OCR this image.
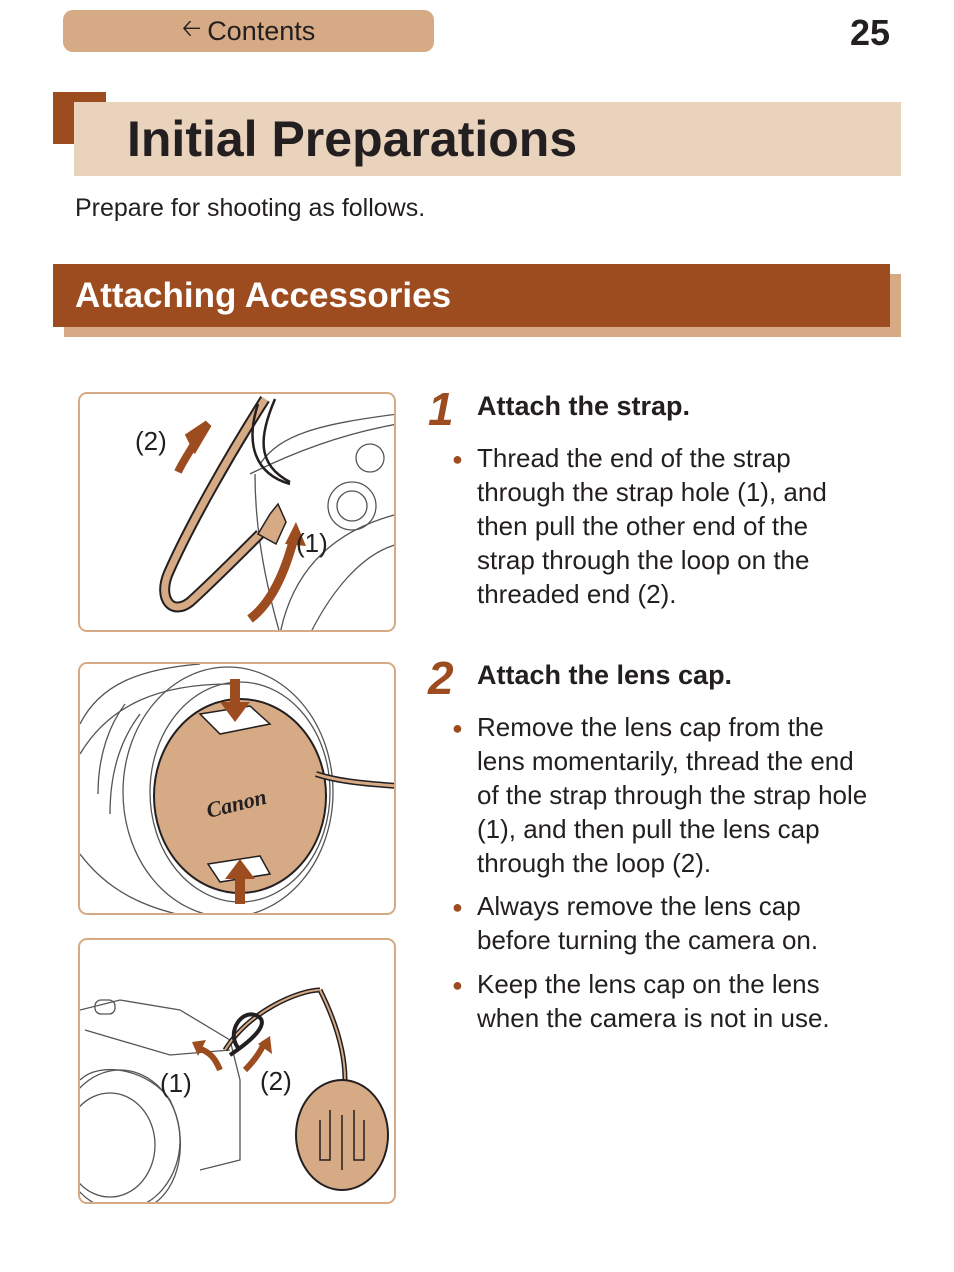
🡠 Contents	25
Initial Preparations
Prepare for shooting as follows.
Attaching Accessories
(2)
(1)
Canon
(1)	(2)
1 Attach the strap.
● Thread the end of the strap
through the strap hole (1), and
then pull the other end of the
strap through the loop on the
threaded end (2).
2 Attach the lens cap.
● Remove the lens cap from the
lens momentarily, thread the end
of the strap through the strap hole
(1), and then pull the lens cap
through the loop (2).
● Always remove the lens cap
before turning the camera on.
● Keep the lens cap on the lens
when the camera is not in use.
